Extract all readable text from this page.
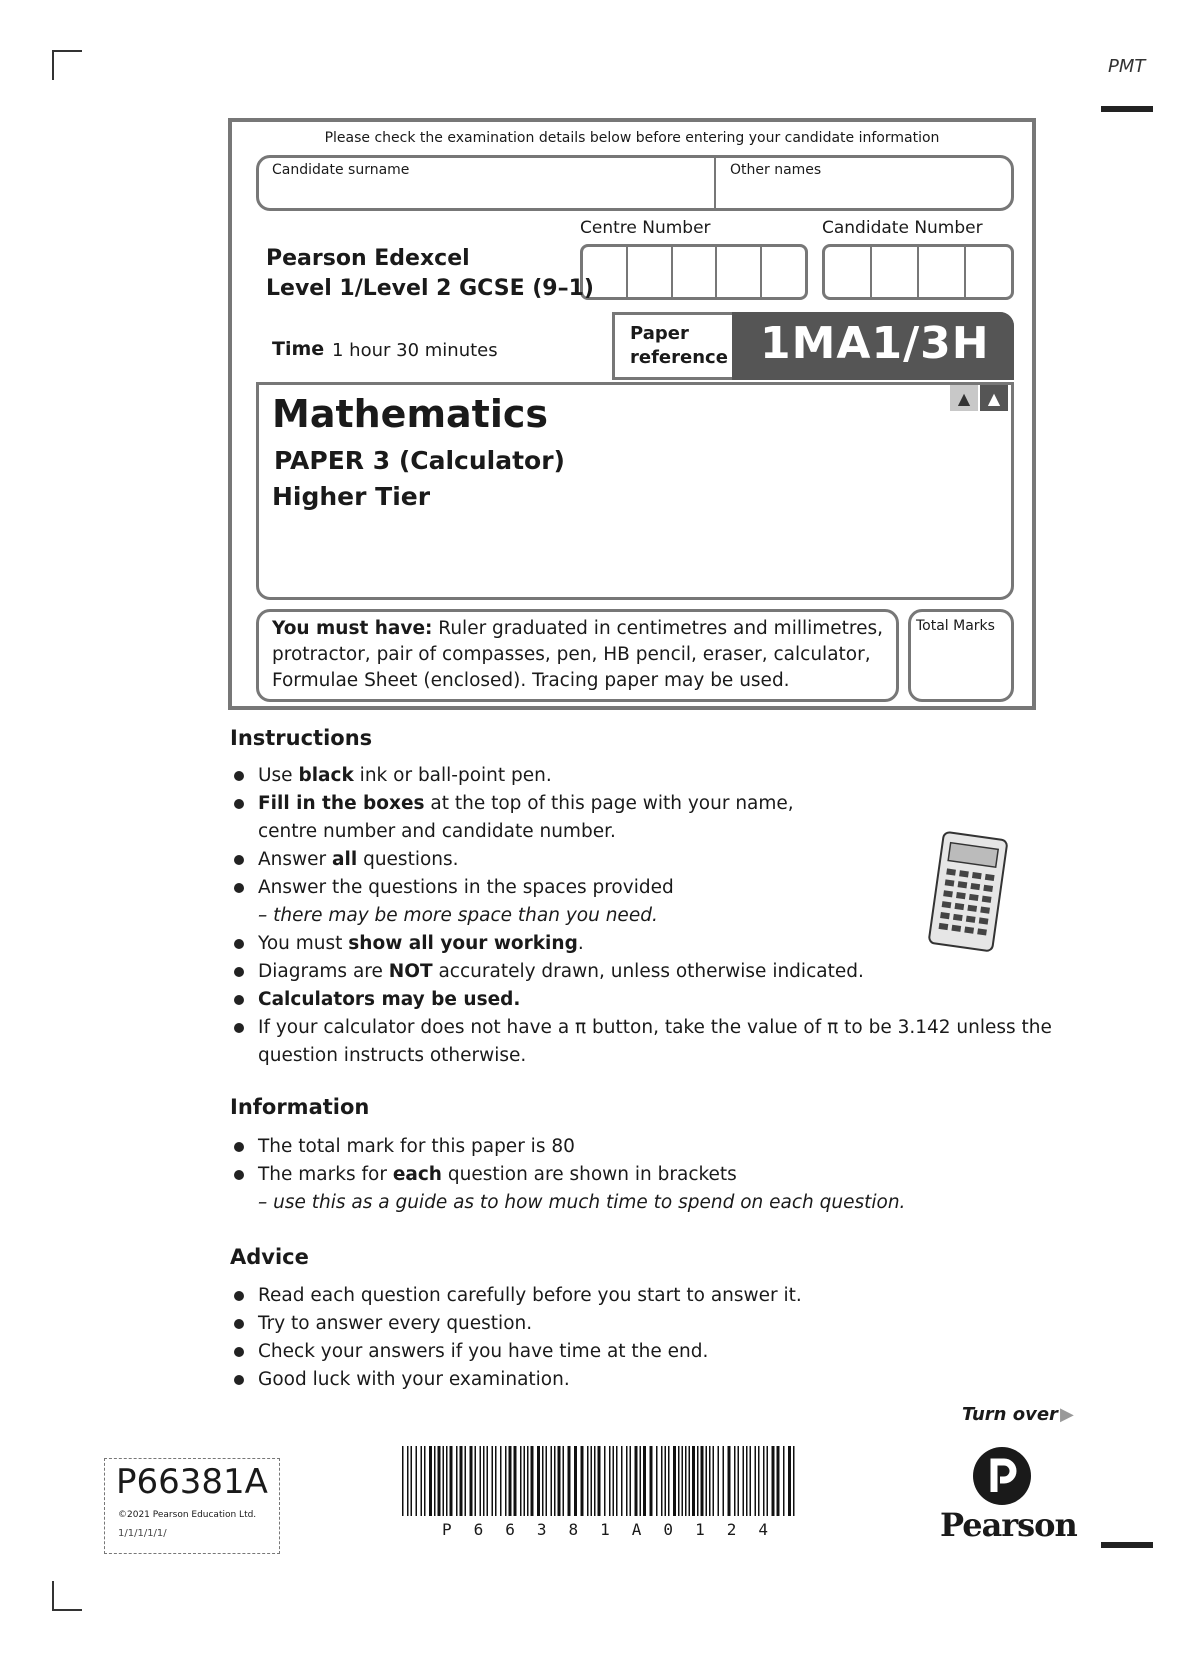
PMT
Please check the examination details below before entering your candidate information
Candidate surname	Other names
Centre Number	Candidate Number
Pearson Edexcel
Level 1/Level 2 GCSE (9–1)
Time 1 hour 30 minutes
Paper
reference 1MA1/3H
▲	▲
Mathematics
PAPER 3 (Calculator)
Higher Tier
You must have: Ruler graduated in centimetres and millimetres, protractor, pair of compasses, pen, HB pencil, eraser, calculator, Formulae Sheet (enclosed). Tracing paper may be used.
Total Marks
Instructions
Use black ink or ball-point pen.
Fill in the boxes at the top of this page with your name,
centre number and candidate number.
Answer all questions.
Answer the questions in the spaces provided
– there may be more space than you need.
You must show all your working.
Diagrams are NOT accurately drawn, unless otherwise indicated.
Calculators may be used.
If your calculator does not have a π button, take the value of π to be 3.142 unless the
question instructs otherwise.
Information
The total mark for this paper is 80
The marks for each question are shown in brackets
– use this as a guide as to how much time to spend on each question.
Advice
Read each question carefully before you start to answer it.
Try to answer every question.
Check your answers if you have time at the end.
Good luck with your examination.
Turn over ▶
P66381A
©2021 Pearson Education Ltd.
1/1/1/1/1/	P66381A0124	Pearson
